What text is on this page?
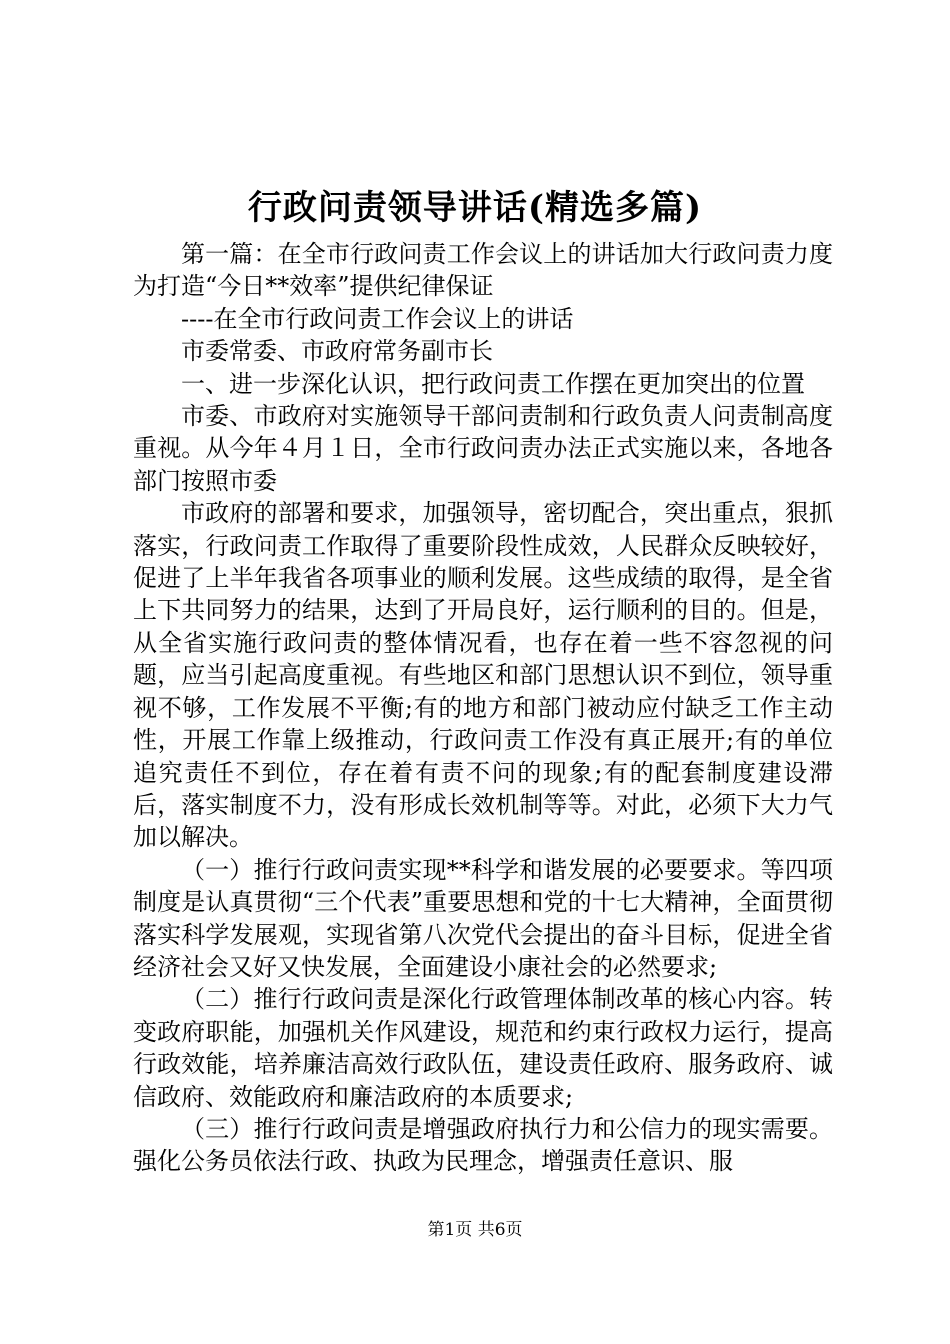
行政问责领导讲话(精选多篇)

第一篇：在全市行政问责工作会议上的讲话加大行政问责力度为打造“今日**效率”提供纪律保证

----在全市行政问责工作会议上的讲话

市委常委、市政府常务副市长

一、进一步深化认识，把行政问责工作摆在更加突出的位置

市委、市政府对实施领导干部问责制和行政负责人问责制高度重视。从今年４月１日，全市行政问责办法正式实施以来，各地各部门按照市委

市政府的部署和要求，加强领导，密切配合，突出重点，狠抓落实，行政问责工作取得了重要阶段性成效，人民群众反映较好，促进了上半年我省各项事业的顺利发展。这些成绩的取得，是全省上下共同努力的结果，达到了开局良好，运行顺利的目的。但是，从全省实施行政问责的整体情况看，也存在着一些不容忽视的问题，应当引起高度重视。有些地区和部门思想认识不到位，领导重视不够，工作发展不平衡;有的地方和部门被动应付缺乏工作主动性，开展工作靠上级推动，行政问责工作没有真正展开;有的单位追究责任不到位，存在着有责不问的现象;有的配套制度建设滞后，落实制度不力，没有形成长效机制等等。对此，必须下大力气加以解决。

（一）推行行政问责实现**科学和谐发展的必要要求。等四项制度是认真贯彻“三个代表”重要思想和党的十七大精神，全面贯彻落实科学发展观，实现省第八次党代会提出的奋斗目标，促进全省经济社会又好又快发展，全面建设小康社会的必然要求;

（二）推行行政问责是深化行政管理体制改革的核心内容。转变政府职能，加强机关作风建设，规范和约束行政权力运行，提高行政效能，培养廉洁高效行政队伍，建设责任政府、服务政府、诚信政府、效能政府和廉洁政府的本质要求;

（三）推行行政问责是增强政府执行力和公信力的现实需要。强化公务员依法行政、执政为民理念，增强责任意识、服

第1页 共6页
